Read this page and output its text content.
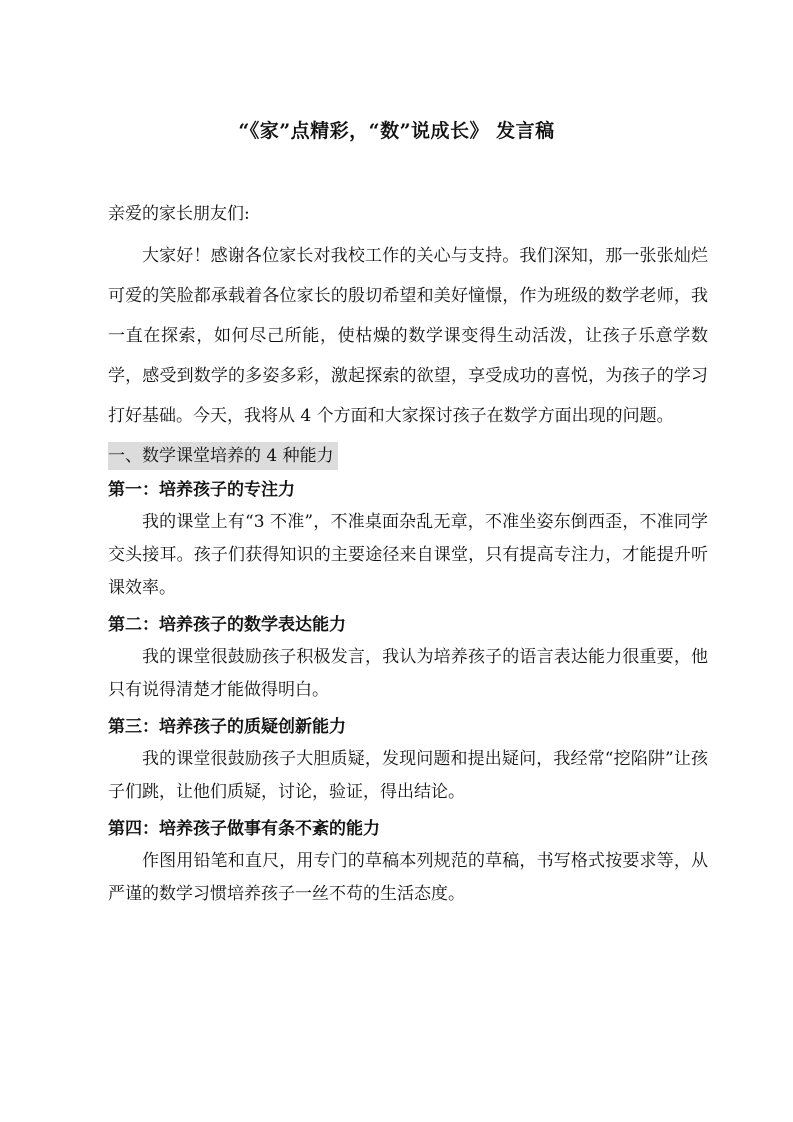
“《家”点精彩，“数”说成长》 发言稿
亲爱的家长朋友们:

大家好！感谢各位家长对我校工作的关心与支持。我们深知，那一张张灿烂可爱的笑脸都承载着各位家长的殷切希望和美好憧憬，作为班级的数学老师，我一直在探索，如何尽己所能，使枯燥的数学课变得生动活泼，让孩子乐意学数学，感受到数学的多姿多彩，激起探索的欲望，享受成功的喜悦，为孩子的学习打好基础。今天，我将从 4 个方面和大家探讨孩子在数学方面出现的问题。

一、数学课堂培养的 4 种能力
第一：培养孩子的专注力

我的课堂上有“3 不准”，不准桌面杂乱无章，不准坐姿东倒西歪，不准同学交头接耳。孩子们获得知识的主要途径来自课堂，只有提高专注力，才能提升听课效率。

第二：培养孩子的数学表达能力

我的课堂很鼓励孩子积极发言，我认为培养孩子的语言表达能力很重要，他只有说得清楚才能做得明白。

第三：培养孩子的质疑创新能力

我的课堂很鼓励孩子大胆质疑，发现问题和提出疑问，我经常“挖陷阱”让孩子们跳，让他们质疑，讨论，验证，得出结论。

第四：培养孩子做事有条不紊的能力

作图用铅笔和直尺，用专门的草稿本列规范的草稿，书写格式按要求等，从严谨的数学习惯培养孩子一丝不苟的生活态度。
